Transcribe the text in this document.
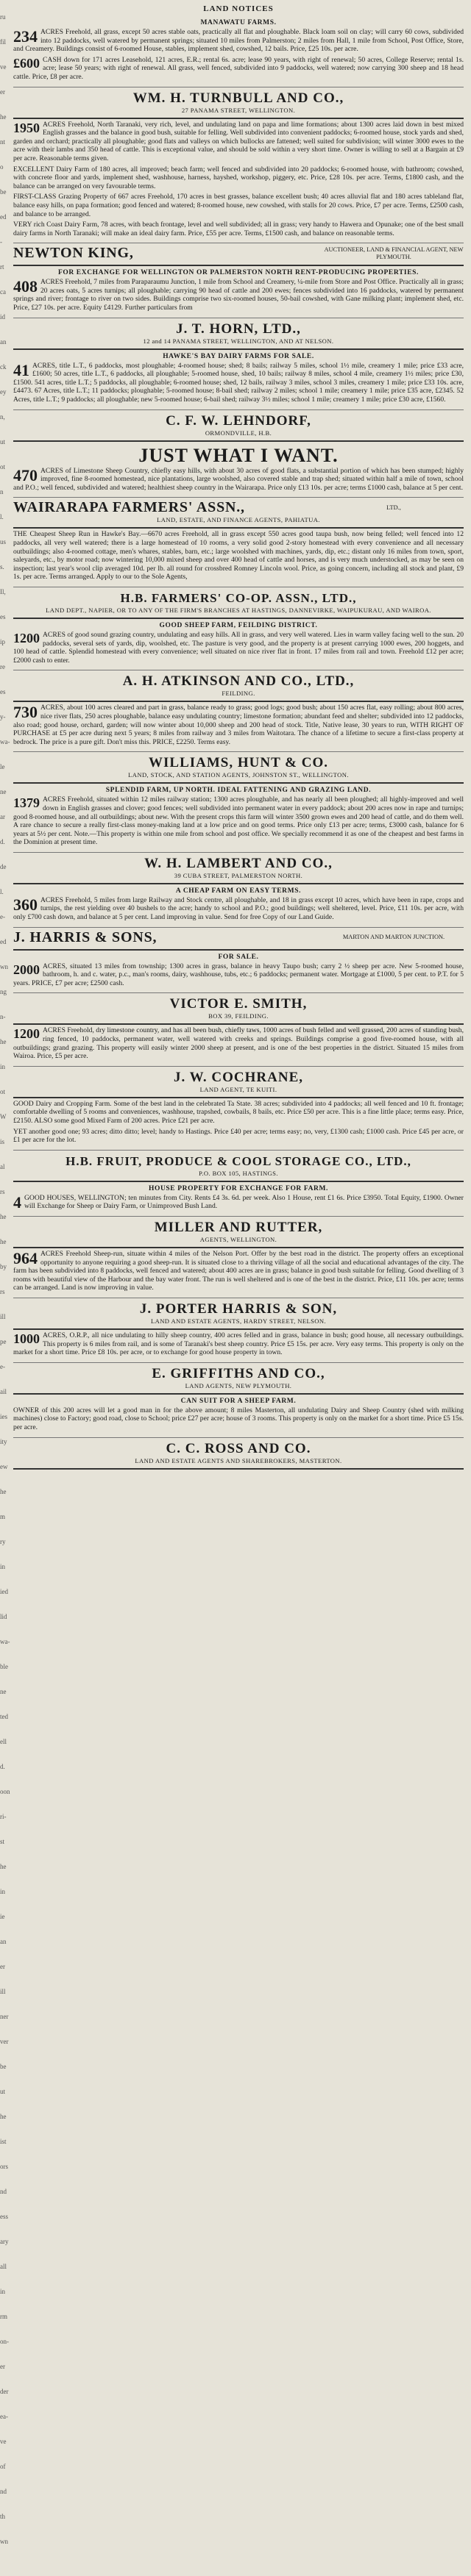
ru
fil
ve
er
he
nt
o
be
ed
-
rt
ca
id
an
ck
ey
n,
ut
ot
n
l.
us
s.
Il,
es
ip
re
es
y-
wa-
le
ne
ar
d.
de
l.
e-
ed
wn
ng
n-
he
in
ot
W
is
al
rs
he
he
by
rs
ill
pe
e-
ail
ies
ity
ew
he
m
ry
in
ied
lid
wa-
ble
ne
ted
ell
d.
oon
ri-
st
he
in
ie
an
er
ill
ner
ver
be
ut
he
ist
ors
nd
ess
ary
all
in
rm
on-
er
der
ea-
ve
of
nd
th
wn
LAND NOTICES
MANAWATU FARMS.
234 ACRES Freehold, all grass, except 50 acres stable oats, practically all flat and ploughable. Black loam soil on clay; will carry 60 cows, subdivided into 12 paddocks, well watered by permanent springs; situated 10 miles from Palmerston; 2 miles from Hall, 1 mile from School, Post Office, Store, and Creamery. Buildings consist of 6-roomed House, stables, implement shed, cowshed, 12 bails. Price, £25 10s. per acre.

£600 CASH down for 171 acres Leasehold, 121 acres, E.R.; rental 6s. acre; lease 90 years, with right of renewal; 50 acres, College Reserve; rental 1s. acre; lease 50 years; with right of renewal. All grass, well fenced, subdivided into 9 paddocks, well watered; now carrying 300 sheep and 18 head cattle. Price, £8 per acre.

WM. H. TURNBULL AND CO.,
27 PANAMA STREET, WELLINGTON.
1950 ACRES Freehold, North Taranaki, very rich, level, and undulating land on papa and lime formations; about 1300 acres laid down in best mixed English grasses and the balance in good bush, suitable for felling. Well subdivided into convenient paddocks; 6-roomed house, stock yards and shed, garden and orchard; practically all ploughable; good flats and valleys on which bullocks are fattened; well suited for subdivision; will winter 3000 ewes to the acre with their lambs and 350 head of cattle. This is exceptional value, and should be sold within a very short time. Owner is willing to sell at a Bargain at £9 per acre. Reasonable terms given.

EXCELLENT Dairy Farm of 180 acres, all improved; beach farm; well fenced and subdivided into 20 paddocks; 6-roomed house, with bathroom; cowshed, with concrete floor and yards, implement shed, washhouse, harness, hayshed, workshop, piggery, etc. Price, £28 10s. per acre. Terms, £1800 cash, and the balance can be arranged on very favourable terms.

FIRST-CLASS Grazing Property of 667 acres Freehold, 170 acres in best grasses, balance excellent bush; 40 acres alluvial flat and 180 acres tableland flat, balance easy hills, on papa formation; good fenced and watered; 8-roomed house, new cowshed, with stalls for 20 cows. Price, £7 per acre. Terms, £2500 cash, and balance to be arranged.

VERY rich Coast Dairy Farm, 78 acres, with beach frontage, level and well subdivided; all in grass; very handy to Hawera and Opunake; one of the best small dairy farms in North Taranaki; will make an ideal dairy farm. Price, £55 per acre. Terms, £1500 cash, and balance on reasonable terms.

NEWTON KING,	AUCTIONEER, LAND & FINANCIAL AGENT, NEW PLYMOUTH.
FOR EXCHANGE FOR WELLINGTON OR PALMERSTON NORTH RENT-PRODUCING PROPERTIES.
408 ACRES Freehold, 7 miles from Paraparaumu Junction, 1 mile from School and Creamery, ¼-mile from Store and Post Office. Practically all in grass; 20 acres oats, 5 acres turnips; all ploughable; carrying 90 head of cattle and 200 ewes; fences subdivided into 16 paddocks, watered by permanent springs and river; frontage to river on two sides. Buildings comprise two six-roomed houses, 50-bail cowshed, with Gane milking plant; implement shed, etc. Price, £27 10s. per acre. Equity £4129. Further particulars from

J. T. HORN, LTD.,
12 and 14 PANAMA STREET, WELLINGTON, AND AT NELSON.
HAWKE'S BAY DAIRY FARMS FOR SALE.
41 ACRES, title L.T., 6 paddocks, most ploughable; 4-roomed house; shed; 8 bails; railway 5 miles, school 1½ mile, creamery 1 mile; price £33 acre, £1600; 50 acres, title L.T., 6 paddocks, all ploughable; 5-roomed house, shed, 10 bails; railway 8 miles, school 4 mile, creamery 1½ miles; price £30, £1500. 541 acres, title L.T.; 5 paddocks, all ploughable; 6-roomed house; shed, 12 bails, railway 3 miles, school 3 miles, creamery 1 mile; price £33 10s. acre, £4473. 67 Acres, title L.T.; 11 paddocks; ploughable; 5-roomed house; 8-bail shed; railway 2 miles; school 1 mile; creamery 1 mile; price £35 acre, £2345. 52 Acres, title L.T.; 9 paddocks; all ploughable; new 5-roomed house; 6-bail shed; railway 3½ miles; school 1 mile; creamery 1 mile; price £30 acre, £1560.

C. F. W. LEHNDORF,
ORMONDVILLE, H.B.
JUST WHAT I WANT.
470 ACRES of Limestone Sheep Country, chiefly easy hills, with about 30 acres of good flats, a substantial portion of which has been stumped; highly improved, fine 8-roomed homestead, nice plantations, large woolshed, also covered stable and trap shed; situated within half a mile of town, school and P.O.; well fenced, subdivided and watered; healthiest sheep country in the Wairarapa. Price only £13 10s. per acre; terms £1000 cash, balance at 5 per cent.

WAIRARAPA FARMERS' ASSN.,	LTD.,
LAND, ESTATE, AND FINANCE AGENTS, PAHIATUA.

THE Cheapest Sheep Run in Hawke's Bay.—6670 acres Freehold, all in grass except 550 acres good taupa bush, now being felled; well fenced into 12 paddocks, all very well watered; there is a large homestead of 10 rooms, a very solid good 2-story homestead with every convenience and all necessary outbuildings; also 4-roomed cottage, men's whares, stables, barn, etc.; large woolshed with machines, yards, dip, etc.; distant only 16 miles from town, sport, saleyards, etc., by motor road; now wintering 10,000 mixed sheep and over 400 head of cattle and horses, and is very much understocked, as may be seen on inspection; last year's wool clip averaged 10d. per lb. all round for crossbred Romney Lincoln wool. Price, as going concern, including all stock and plant, £9 1s. per acre. Terms arranged. Apply to our to the Sole Agents,

H.B. FARMERS' CO-OP. ASSN., LTD.,
LAND DEPT., NAPIER, OR TO ANY OF THE FIRM'S BRANCHES AT HASTINGS, DANNEVIRKE, WAIPUKURAU, AND WAIROA.
GOOD SHEEP FARM, FEILDING DISTRICT.
1200 ACRES of good sound grazing country, undulating and easy hills. All in grass, and very well watered. Lies in warm valley facing well to the sun. 20 paddocks, several sets of yards, dip, woolshed, etc. The pasture is very good, and the property is at present carrying 1000 ewes, 200 hoggets, and 100 head of cattle. Splendid homestead with every convenience; well situated on nice river flat in front. 17 miles from rail and town. Freehold £12 per acre; £2000 cash to enter.

A. H. ATKINSON AND CO., LTD.,
FEILDING.
730 ACRES, about 100 acres cleared and part in grass, balance ready to grass; good logs; good bush; about 150 acres flat, easy rolling; about 800 acres, nice river flats, 250 acres ploughable, balance easy undulating country; limestone formation; abundant feed and shelter; subdivided into 12 paddocks, also road; good house, orchard, garden; will now winter about 10,000 sheep and 200 head of stock. Title, Native lease, 30 years to run, WITH RIGHT OF PURCHASE at £5 per acre during next 5 years; 8 miles from railway and 3 miles from Waitotara. The chance of a lifetime to secure a first-class property at bedrock. The price is a pure gift. Don't miss this. PRICE, £2250. Terms easy.

WILLIAMS, HUNT & CO.
LAND, STOCK, AND STATION AGENTS, JOHNSTON ST., WELLINGTON.
SPLENDID FARM, UP NORTH. IDEAL FATTENING AND GRAZING LAND.
1379 ACRES Freehold, situated within 12 miles railway station; 1300 acres ploughable, and has nearly all been ploughed; all highly-improved and well down in English grasses and clover; good fences; well subdivided into permanent water in every paddock; about 200 acres now in rape and turnips; good 8-roomed house, and all outbuildings; about new. With the present crops this farm will winter 3500 grown ewes and 200 head of cattle, and do them well. A rare chance to secure a really first-class money-making land at a low price and on good terms. Price only £13 per acre; terms, £3000 cash, balance for 6 years at 5½ per cent. Note.—This property is within one mile from school and post office. We specially recommend it as one of the cheapest and best farms in the Dominion at present time.

W. H. LAMBERT AND CO.,
39 CUBA STREET, PALMERSTON NORTH.
A CHEAP FARM ON EASY TERMS.
360 ACRES Freehold, 5 miles from large Railway and Stock centre, all ploughable, and 18 in grass except 10 acres, which have been in rape, crops and turnips, the rest yielding over 40 bushels to the acre; handy to school and P.O.; good buildings; well sheltered, level. Price, £11 10s. per acre, with only £700 cash down, and balance at 5 per cent. Land improving in value. Send for free Copy of our Land Guide.

J. HARRIS & SONS,	MARTON AND MARTON JUNCTION.
FOR SALE.
2000 ACRES, situated 13 miles from township; 1300 acres in grass, balance in heavy Taupo bush; carry 2 ½ sheep per acre. New 5-roomed house, bathroom, h. and c. water, p.c., man's rooms, dairy, washhouse, tubs, etc.; 6 paddocks; permanent water. Mortgage at £1000, 5 per cent. to P.T. for 5 years. PRICE, £7 per acre; £2500 cash.

VICTOR E. SMITH,
BOX 39, FEILDING.
1200 ACRES Freehold, dry limestone country, and has all been bush, chiefly taws, 1000 acres of bush felled and well grassed, 200 acres of standing bush, ring fenced, 10 paddocks, permanent water, well watered with creeks and springs. Buildings comprise a good five-roomed house, with all outbuildings; grand grazing. This property will easily winter 2000 sheep at present, and is one of the best properties in the district. Situated 15 miles from Wairoa. Price, £5 per acre.

J. W. COCHRANE,
LAND AGENT, TE KUITI.

GOOD Dairy and Cropping Farm. Some of the best land in the celebrated Ta State. 38 acres; subdivided into 4 paddocks; all well fenced and 10 ft. frontage; comfortable dwelling of 5 rooms and conveniences, washhouse, trapshed, cowbails, 8 bails, etc. Price £50 per acre. This is a fine little place; terms easy. Price, £2150. ALSO some good Mixed Farm of 200 acres. Price £21 per acre.

YET another good one; 93 acres; ditto ditto; level; handy to Hastings. Price £40 per acre; terms easy; no, very, £1300 cash; £1000 cash. Price £45 per acre, or £1 per acre for the lot.

H.B. FRUIT, PRODUCE & COOL STORAGE CO., LTD.,
P.O. BOX 105, HASTINGS.
HOUSE PROPERTY FOR EXCHANGE FOR FARM.
4 GOOD HOUSES, WELLINGTON; ten minutes from City. Rents £4 3s. 6d. per week. Also 1 House, rent £1 6s. Price £3950. Total Equity, £1900. Owner will Exchange for Sheep or Dairy Farm, or Unimproved Bush Land.

MILLER AND RUTTER,
AGENTS, WELLINGTON.
964 ACRES Freehold Sheep-run, situate within 4 miles of the Nelson Port. Offer by the best road in the district. The property offers an exceptional opportunity to anyone requiring a good sheep-run. It is situated close to a thriving village of all the social and educational advantages of the city. The farm has been subdivided into 8 paddocks, well fenced and watered; about 400 acres are in grass; balance in good bush suitable for felling. Good dwelling of 3 rooms with beautiful view of the Harbour and the bay water front. The run is well sheltered and is one of the best in the district. Price, £11 10s. per acre; terms can be arranged. Land is now improving in value.

J. PORTER HARRIS & SON,
LAND AND ESTATE AGENTS, HARDY STREET, NELSON.
1000 ACRES, O.R.P., all nice undulating to hilly sheep country, 400 acres felled and in grass, balance in bush; good house, all necessary outbuildings. This property is 6 miles from rail, and is some of Taranaki's best sheep country. Price £5 15s. per acre. Very easy terms. This property is only on the market for a short time. Price £8 10s. per acre, or to exchange for good house property in town.

E. GRIFFITHS AND CO.,
LAND AGENTS, NEW PLYMOUTH.
CAN SUIT FOR A SHEEP FARM.

OWNER of this 200 acres will let a good man in for the above amount; 8 miles Masterton, all undulating Dairy and Sheep Country (shed with milking machines) close to Factory; good road, close to School; price £27 per acre; house of 3 rooms. This property is only on the market for a short time. Price £5 15s. per acre.

C. C. ROSS AND CO.
LAND AND ESTATE AGENTS AND SHAREBROKERS, MASTERTON.
